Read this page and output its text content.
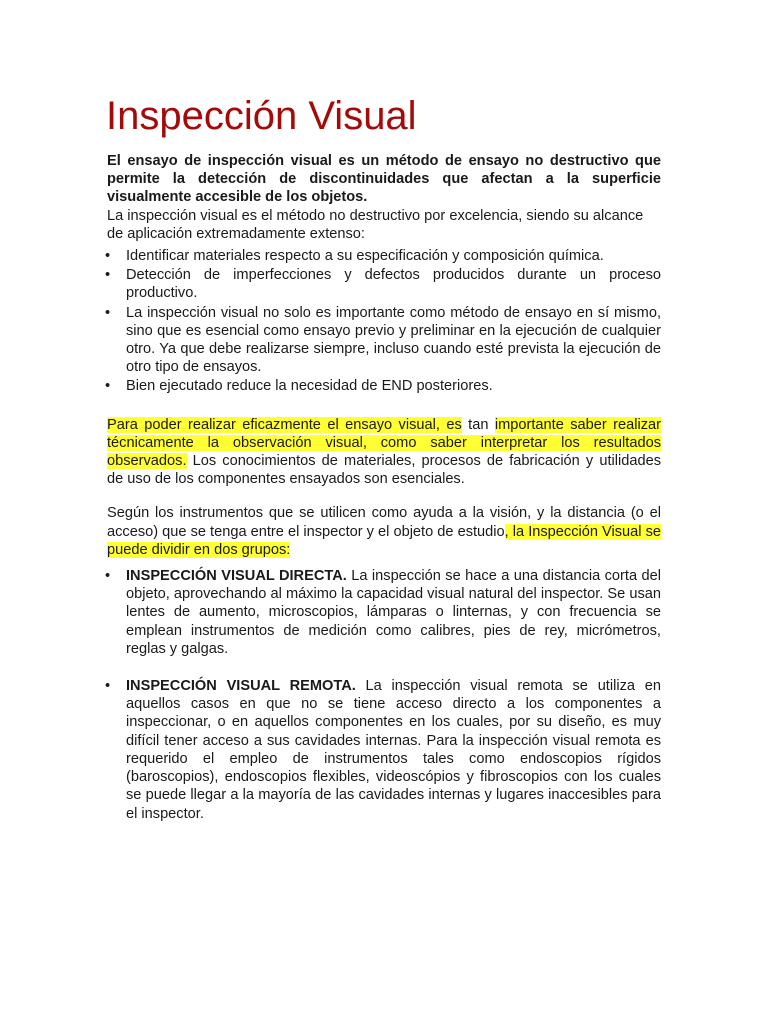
Inspección Visual

El ensayo de inspección visual es un método de ensayo no destructivo que permite la detección de discontinuidades que afectan a la superficie visualmente accesible de los objetos.

La inspección visual es el método no destructivo por excelencia, siendo su alcance de aplicación extremadamente extenso:

• Identificar materiales respecto a su especificación y composición química.
• Detección de imperfecciones y defectos producidos durante un proceso productivo.
• La inspección visual no solo es importante como método de ensayo en sí mismo, sino que es esencial como ensayo previo y preliminar en la ejecución de cualquier otro. Ya que debe realizarse siempre, incluso cuando esté prevista la ejecución de otro tipo de ensayos.
• Bien ejecutado reduce la necesidad de END posteriores.

Para poder realizar eficazmente el ensayo visual, es tan importante saber realizar técnicamente la observación visual, como saber interpretar los resultados observados. Los conocimientos de materiales, procesos de fabricación y utilidades de uso de los componentes ensayados son esenciales.

Según los instrumentos que se utilicen como ayuda a la visión, y la distancia (o el acceso) que se tenga entre el inspector y el objeto de estudio, la Inspección Visual se puede dividir en dos grupos:

• INSPECCIÓN VISUAL DIRECTA. La inspección se hace a una distancia corta del objeto, aprovechando al máximo la capacidad visual natural del inspector. Se usan lentes de aumento, microscopios, lámparas o linternas, y con frecuencia se emplean instrumentos de medición como calibres, pies de rey, micrómetros, reglas y galgas.
• INSPECCIÓN VISUAL REMOTA. La inspección visual remota se utiliza en aquellos casos en que no se tiene acceso directo a los componentes a inspeccionar, o en aquellos componentes en los cuales, por su diseño, es muy difícil tener acceso a sus cavidades internas. Para la inspección visual remota es requerido el empleo de instrumentos tales como endoscopios rígidos (baroscopios), endoscopios flexibles, videoscópios y fibroscopios con los cuales se puede llegar a la mayoría de las cavidades internas y lugares inaccesibles para el inspector.
